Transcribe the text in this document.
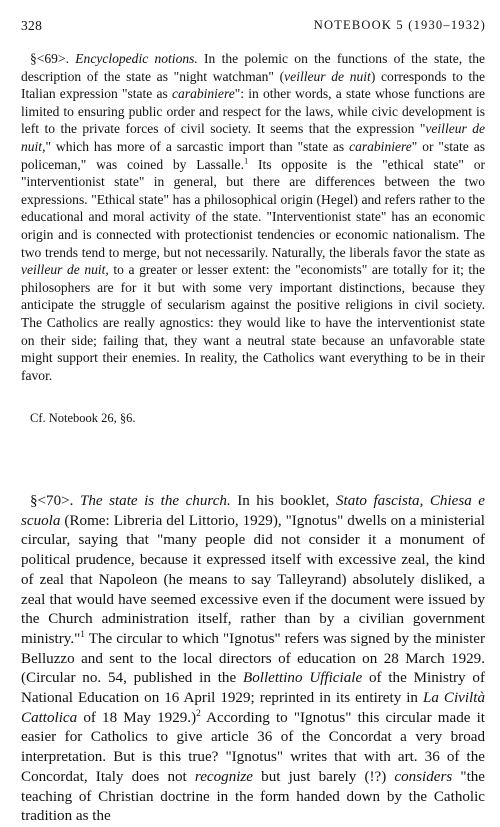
328	NOTEBOOK 5 (1930–1932)

§<69>. Encyclopedic notions. In the polemic on the functions of the state, the description of the state as "night watchman" (veilleur de nuit) corresponds to the Italian expression "state as carabiniere": in other words, a state whose functions are limited to ensuring public order and respect for the laws, while civic development is left to the private forces of civil society. It seems that the expression "veilleur de nuit," which has more of a sarcastic import than "state as carabiniere" or "state as policeman," was coined by Lassalle.$^1$ Its opposite is the "ethical state" or "interventionist state" in general, but there are differences between the two expressions. "Ethical state" has a philosophical origin (Hegel) and refers rather to the educational and moral activity of the state. "Interventionist state" has an economic origin and is connected with protectionist tendencies or economic nationalism. The two trends tend to merge, but not necessarily. Naturally, the liberals favor the state as veilleur de nuit, to a greater or lesser extent: the "economists" are totally for it; the philosophers are for it but with some very important distinctions, because they anticipate the struggle of secularism against the positive religions in civil society. The Catholics are really agnostics: they would like to have the interventionist state on their side; failing that, they want a neutral state because an unfavorable state might support their enemies. In reality, the Catholics want everything to be in their favor.

Cf. Notebook 26, §6.

§<70>. The state is the church. In his booklet, Stato fascista, Chiesa e scuola (Rome: Libreria del Littorio, 1929), "Ignotus" dwells on a ministerial circular, saying that "many people did not consider it a monument of political prudence, because it expressed itself with excessive zeal, the kind of zeal that Napoleon (he means to say Talleyrand) absolutely disliked, a zeal that would have seemed excessive even if the document were issued by the Church administration itself, rather than by a civilian government ministry."$^1$ The circular to which "Ignotus" refers was signed by the minister Belluzzo and sent to the local directors of education on 28 March 1929. (Circular no. 54, published in the Bollettino Ufficiale of the Ministry of National Education on 16 April 1929; reprinted in its entirety in La Civiltà Cattolica of 18 May 1929.)$^2$ According to "Ignotus" this circular made it easier for Catholics to give article 36 of the Concordat a very broad interpretation. But is this true? "Ignotus" writes that with art. 36 of the Concordat, Italy does not recognize but just barely (!?) considers "the teaching of Christian doctrine in the form handed down by the Catholic tradition as the
